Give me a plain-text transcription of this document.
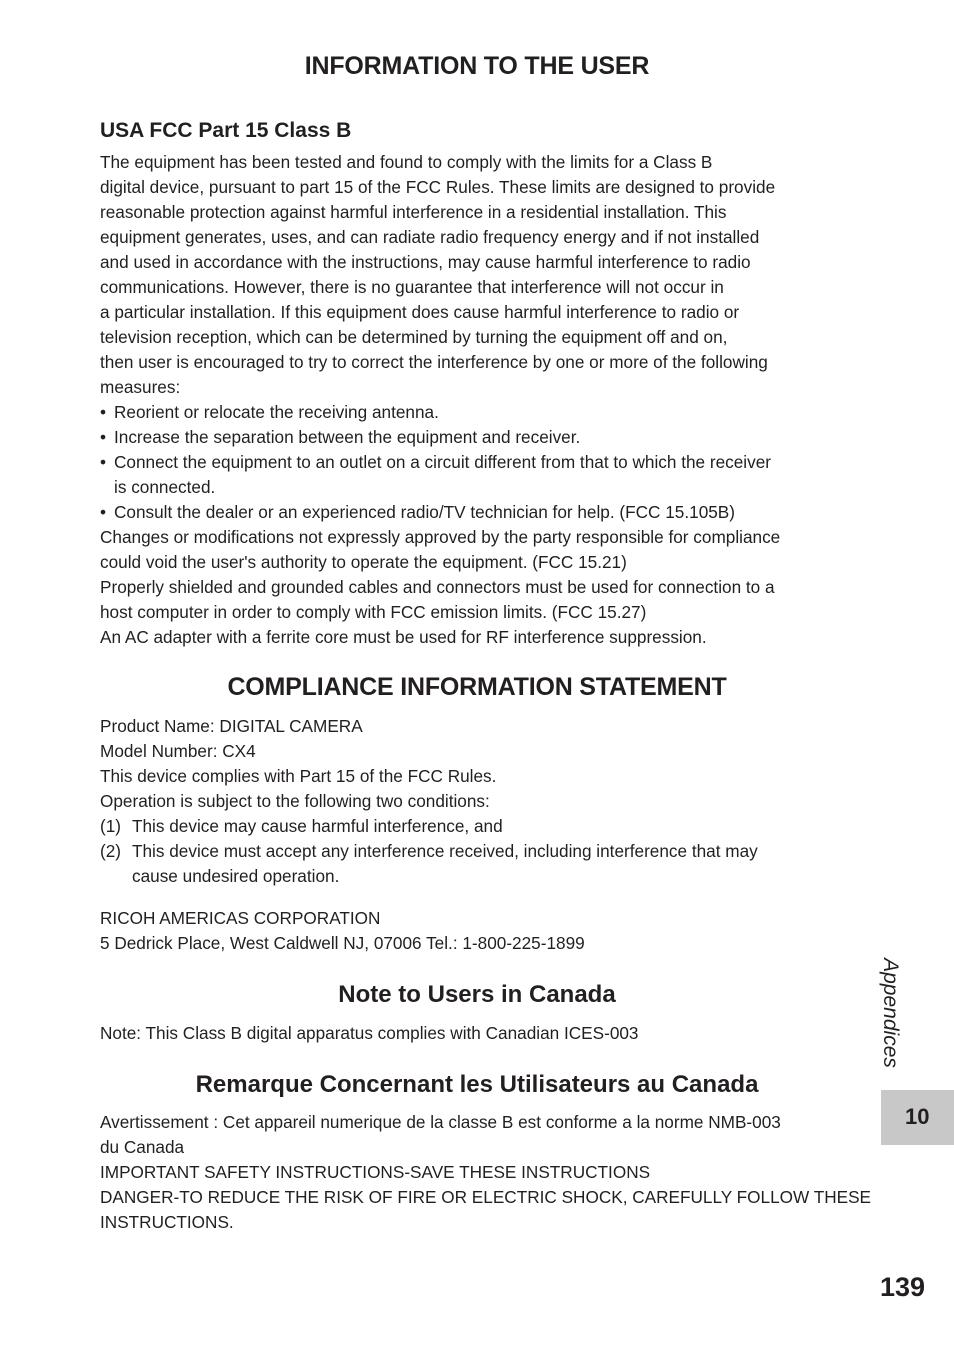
INFORMATION TO THE USER
USA FCC Part 15 Class B
The equipment has been tested and found to comply with the limits for a Class B
digital device, pursuant to part 15 of the FCC Rules. These limits are designed to provide
reasonable protection against harmful interference in a residential installation. This
equipment generates, uses, and can radiate radio frequency energy and if not installed
and used in accordance with the instructions, may cause harmful interference to radio
communications. However, there is no guarantee that interference will not occur in
a particular installation. If this equipment does cause harmful interference to radio or
television reception, which can be determined by turning the equipment off and on,
then user is encouraged to try to correct the interference by one or more of the following
measures:
• Reorient or relocate the receiving antenna.
• Increase the separation between the equipment and receiver.
• Connect the equipment to an outlet on a circuit different from that to which the receiver
is connected.
• Consult the dealer or an experienced radio/TV technician for help. (FCC 15.105B)
Changes or modifications not expressly approved by the party responsible for compliance
could void the user's authority to operate the equipment. (FCC 15.21)
Properly shielded and grounded cables and connectors must be used for connection to a
host computer in order to comply with FCC emission limits. (FCC 15.27)
An AC adapter with a ferrite core must be used for RF interference suppression.
COMPLIANCE INFORMATION STATEMENT
Product Name: DIGITAL CAMERA
Model Number: CX4
This device complies with Part 15 of the FCC Rules.
Operation is subject to the following two conditions:
(1) This device may cause harmful interference, and
(2) This device must accept any interference received, including interference that may
cause undesired operation.
RICOH AMERICAS CORPORATION
5 Dedrick Place, West Caldwell NJ, 07006 Tel.: 1-800-225-1899
Note to Users in Canada
Note: This Class B digital apparatus complies with Canadian ICES-003
Remarque Concernant les Utilisateurs au Canada
Avertissement : Cet appareil numerique de la classe B est conforme a la norme NMB-003
du Canada
IMPORTANT SAFETY INSTRUCTIONS-SAVE THESE INSTRUCTIONS
DANGER-TO REDUCE THE RISK OF FIRE OR ELECTRIC SHOCK, CAREFULLY FOLLOW THESE
INSTRUCTIONS.
Appendices
10
139
